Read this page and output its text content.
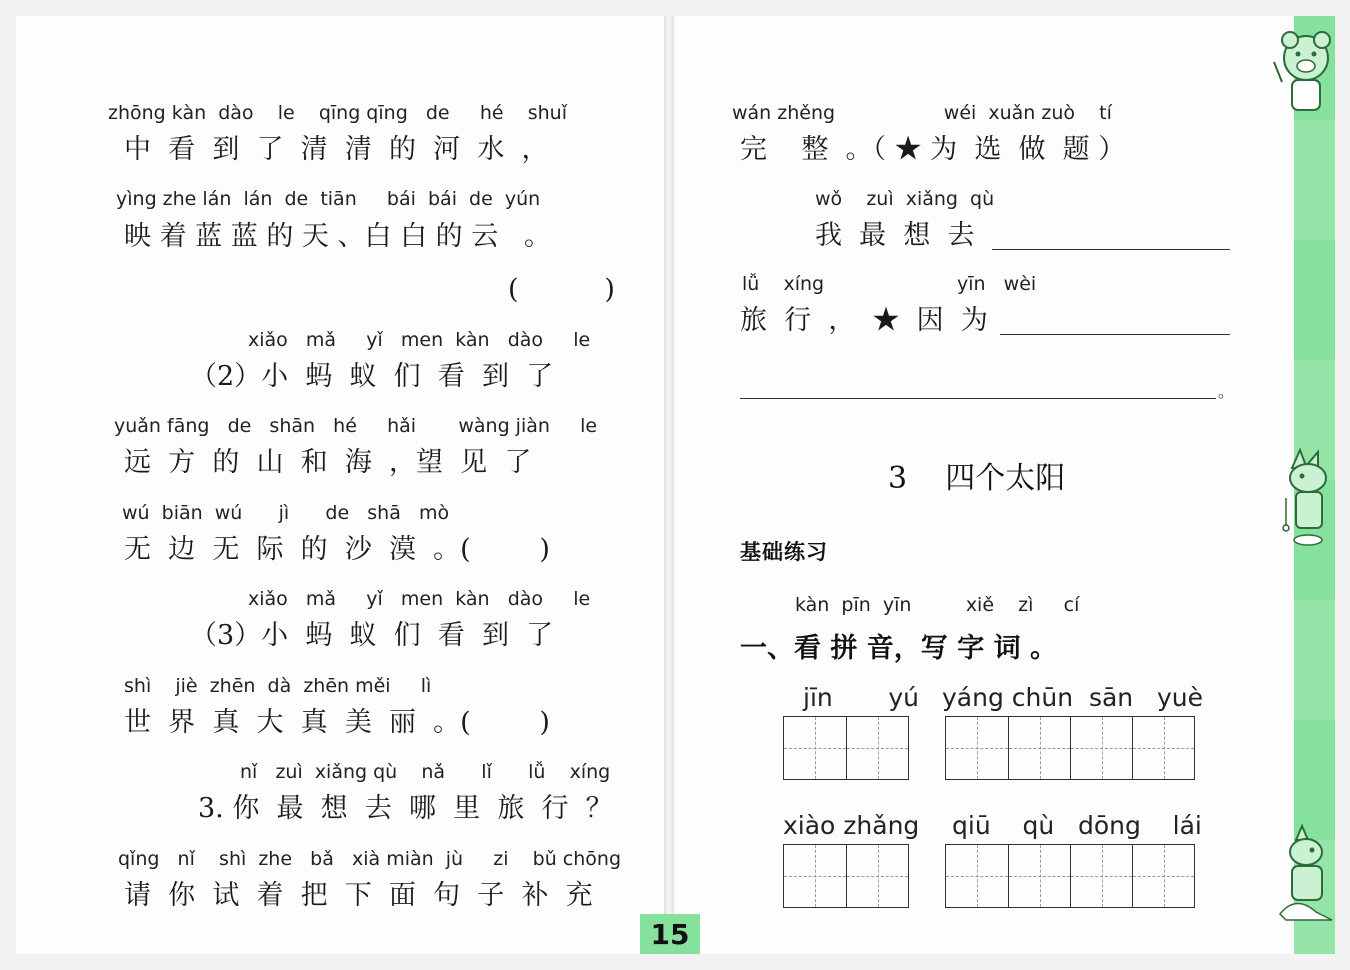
zhōng kàn  dào    le    qīng qīng   de     hé    shuǐ
中  看  到  了  清  清  的  河  水  ，
yìng zhe lán  lán  de  tiān     bái  bái  de  yún
映 着 蓝 蓝 的 天 、白 白 的 云   。
(          )
xiǎo   mǎ     yǐ   men  kàn   dào     le
（2）小  蚂  蚁  们  看  到  了
yuǎn fāng   de   shān   hé     hǎi       wàng jiàn     le
远  方  的  山  和  海  ，望  见  了
wú  biān  wú      jì      de   shā   mò
无  边  无  际  的  沙  漠  。(        )
xiǎo   mǎ     yǐ   men  kàn   dào     le
（3）小  蚂  蚁  们  看  到  了
shì    jiè  zhēn  dà  zhēn měi     lì
世  界  真  大  真  美  丽  。(        )
nǐ   zuì  xiǎng qù    nǎ      lǐ      lǚ    xíng
3. 你  最  想  去  哪  里  旅  行  ？
qǐng   nǐ    shì  zhe   bǎ   xià miàn  jù     zi    bǔ chōng
请  你  试  着  把  下  面  句  子  补  充
wán zhěng                  wéi  xuǎn zuò    tí
完    整  。（ ★ 为  选  做  题 ）
wǒ    zuì  xiǎng  qù
我  最  想  去
lǚ    xíng                      yīn   wèi
旅  行  ，  ★  因  为
。
3    四个太阳
基础练习
kàn  pīn  yīn         xiě    zì     cí
一、看 拼 音，写 字 词 。
jīn       yú yáng chūn  sān   yuè
xiào zhǎng qiū    qù   dōng    lái
15
